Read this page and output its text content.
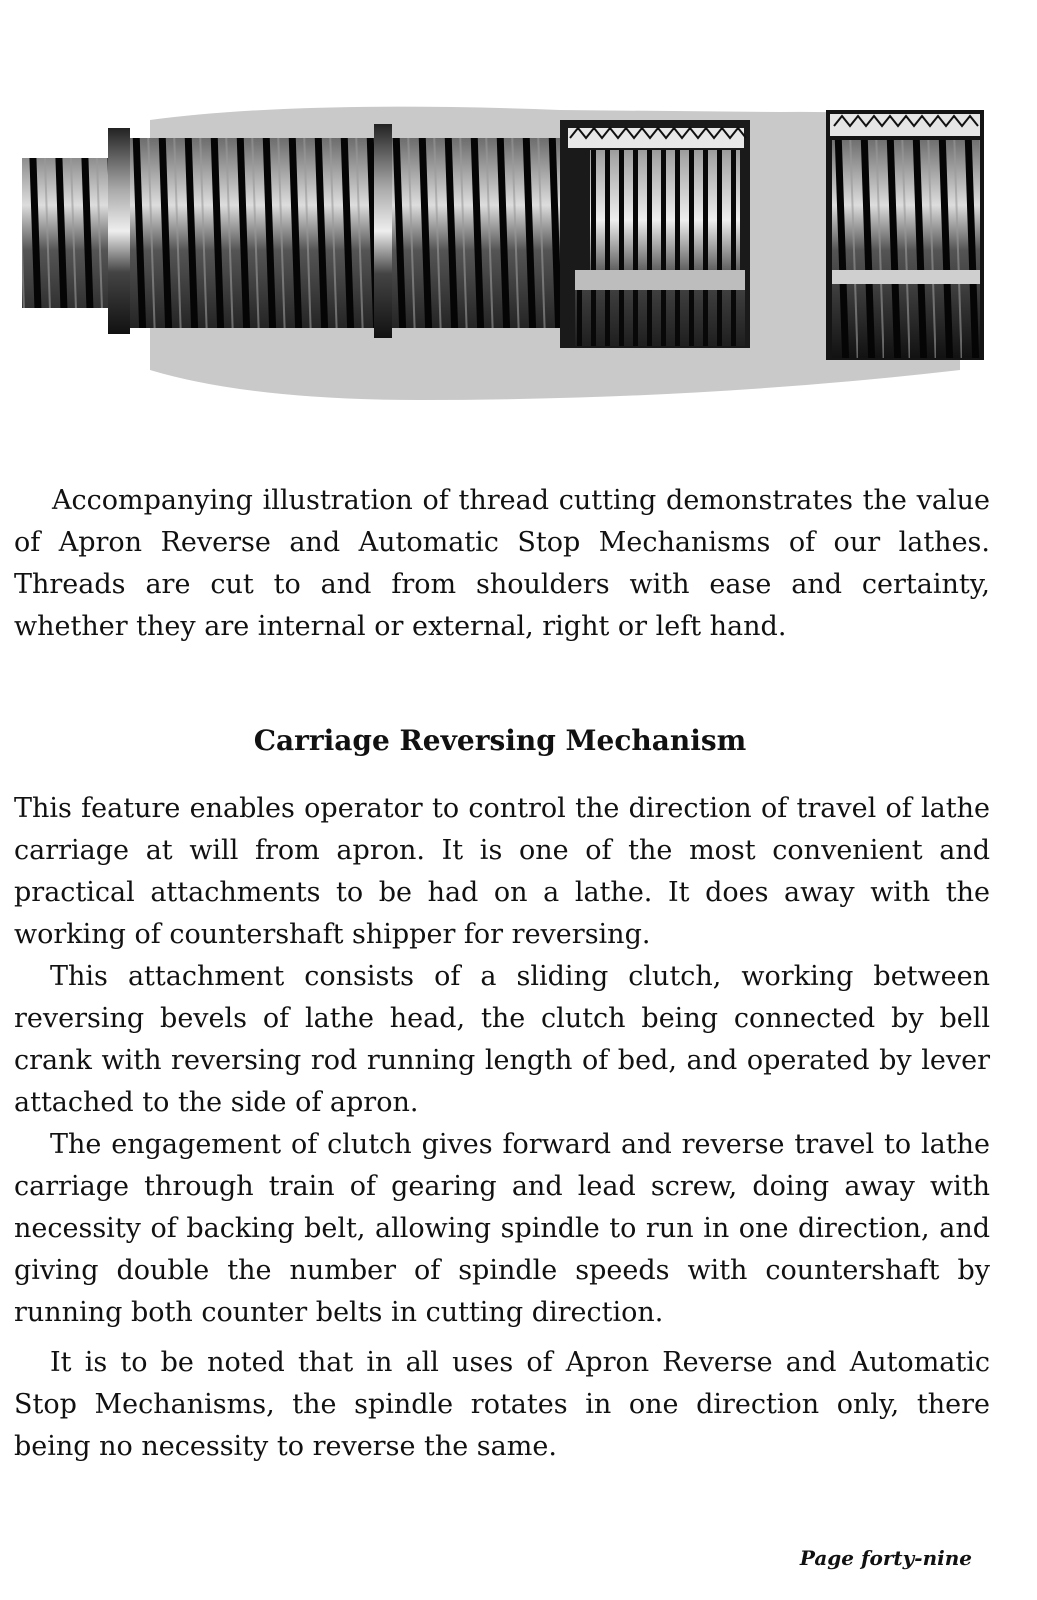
Accompanying illustration of thread cutting demonstrates the value of Apron Reverse and Automatic Stop Mechanisms of our lathes. Threads are cut to and from shoulders with ease and certainty, whether they are internal or external, right or left hand.

Carriage Reversing Mechanism

This feature enables operator to control the direction of travel of lathe carriage at will from apron. It is one of the most convenient and practical attachments to be had on a lathe. It does away with the working of countershaft shipper for reversing.

This attachment consists of a sliding clutch, working between reversing bevels of lathe head, the clutch being connected by bell crank with reversing rod running length of bed, and operated by lever attached to the side of apron.

The engagement of clutch gives forward and reverse travel to lathe carriage through train of gearing and lead screw, doing away with necessity of backing belt, allowing spindle to run in one direction, and giving double the number of spindle speeds with countershaft by running both counter belts in cutting direction.

It is to be noted that in all uses of Apron Reverse and Automatic Stop Mechanisms, the spindle rotates in one direction only, there being no necessity to reverse the same.

Page forty-nine
